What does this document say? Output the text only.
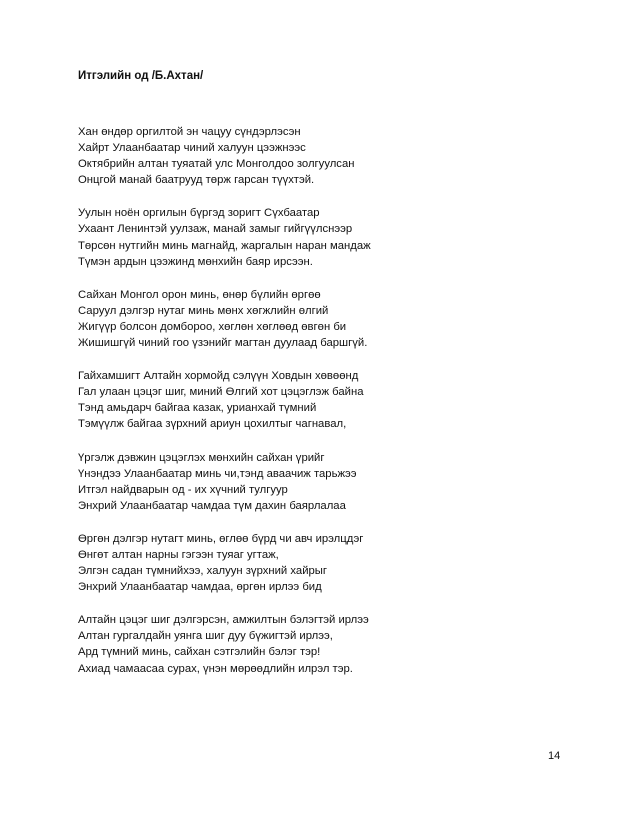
Итгэлийн од /Б.Ахтан/

Хан өндөр оргилтой эн чацуу сүндэрлэсэн
Хайрт Улаанбаатар чиний халуун цээжнээс
Октябрийн алтан туяатай улс Монголдоо золгуулсан
Онцгой манай баатрууд төрж гарсан түүхтэй.

Уулын ноён оргилын бүргэд зоригт Сүхбаатар
Ухаант Ленинтэй уулзаж, манай замыг гийгүүлснээр
Төрсөн нутгийн минь магнайд, жаргалын наран мандаж
Түмэн ардын цээжинд мөнхийн баяр ирсээн.

Сайхан Монгол орон минь, өнөр бүлийн өргөө
Саруул дэлгэр нутаг минь мөнх хөгжлийн өлгий
Жигүүр болсон домбороо, хөглөн хөглөөд өвгөн би
Жишишгүй чиний гоо үзэнийг магтан дуулаад баршгүй.

Гайхамшигт Алтайн хормойд сэлүүн Ховдын хөвөөнд
Гал улаан цэцэг шиг, миний Өлгий хот цэцэглэж байна
Тэнд амьдарч байгаа казак, урианхай түмний
Тэмүүлж байгаа зүрхний ариун цохилтыг чагнавал,

Үргэлж дэвжин цэцэглэх мөнхийн сайхан үрийг
Үнэндээ Улаанбаатар минь чи,тэнд аваачиж тарьжээ
Итгэл найдварын од - их хүчний тулгуур
Энхрий Улаанбаатар чамдаа түм дахин баярлалаа

Өргөн дэлгэр нутагт минь, өглөө бүрд чи авч ирэлцдэг
Өнгөт алтан нарны гэгээн туяаг угтаж,
Элгэн садан түмнийхээ, халуун зүрхний хайрыг
Энхрий Улаанбаатар чамдаа, өргөн ирлээ бид

Алтайн цэцэг шиг дэлгэрсэн, амжилтын бэлэгтэй ирлээ
Алтан гургалдайн уянга шиг дуу бүжигтэй ирлээ,
Ард түмний минь, сайхан сэтгэлийн бэлэг тэр!
Ахиад чамаасаа сурах, үнэн мөрөөдлийн илрэл тэр.

14
